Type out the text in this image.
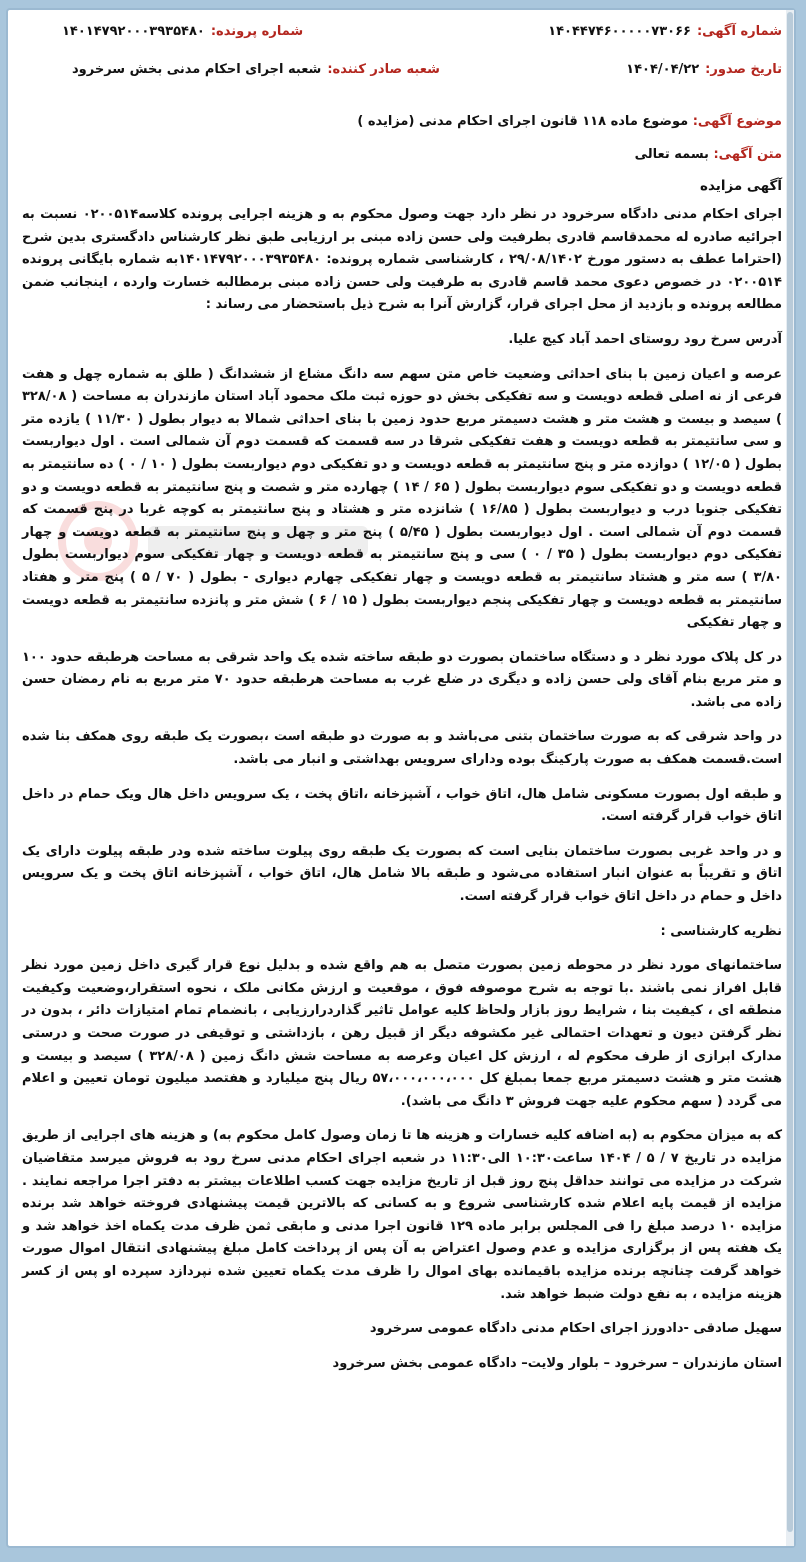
شماره آگهی:
۱۴۰۴۴۷۴۶۰۰۰۰۰۷۳۰۶۶
شماره پرونده:
۱۴۰۱۴۷۹۲۰۰۰۳۹۳۵۴۸۰
تاریخ صدور:
۱۴۰۴/۰۴/۲۲
شعبه صادر کننده:
شعبه اجرای احکام مدنی بخش سرخرود
موضوع آگهی: موضوع ماده ۱۱۸ قانون اجرای احکام مدنی (مزایده )
متن آگهی: بسمه تعالی
آگهی مزایده
اجرای احکام مدنی دادگاه سرخرود در نظر دارد جهت وصول محکوم به و هزینه اجرایی پرونده کلاسه۰۲۰۰۵۱۴ نسبت به اجرائیه صادره له محمدقاسم قادری بطرفیت ولی حسن زاده مبنی بر ارزیابی طبق نظر کارشناس دادگستری بدین شرح (احتراما عطف به دستور مورخ ۲۹/۰۸/۱۴۰۲ ، کارشناسی شماره پرونده: ۱۴۰۱۴۷۹۲۰۰۰۳۹۳۵۴۸۰به شماره بایگانی پرونده ۰۲۰۰۵۱۴ در خصوص دعوی محمد قاسم قادری به طرفیت ولی حسن زاده مبنی برمطالبه خسارت وارده ، اینجانب ضمن مطالعه پرونده و بازدید از محل اجرای قرار، گزارش آنرا به شرح ذیل باستحضار می رساند :
آدرس سرخ رود روستای احمد آباد کیج علیا.
عرصه و اعیان زمین با بنای احداثی وضعیت خاص متن سهم سه دانگ مشاع از ششدانگ ( طلق به شماره چهل و هفت فرعی از نه اصلی قطعه دویست و سه تفکیکی بخش دو حوزه ثبت ملک محمود آباد استان مازندران به مساحت ( ۳۲۸/۰۸ ) سیصد و بیست و هشت متر و هشت دسیمتر مربع حدود زمین با بنای احداثی شمالا به دیوار بطول ( ۱۱/۳۰ ) یازده متر و سی سانتیمتر به قطعه دویست و هفت تفکیکی شرقا در سه قسمت که قسمت دوم آن شمالی است . اول دیواربست بطول ( ۱۲/۰۵ ) دوازده متر و پنج سانتیمتر به قطعه دویست و دو تفکیکی دوم دیواربست بطول ( ۱۰ / ۰ ) ده سانتیمتر به قطعه دویست و دو تفکیکی سوم دیواربست بطول ( ۶۵ / ۱۴ ) چهارده متر و شصت و پنج سانتیمتر به قطعه دویست و دو تفکیکی جنوبا درب و دیواربست بطول ( ۱۶/۸۵ ) شانزده متر و هشتاد و پنج سانتیمتر به کوچه غربا در پنج قسمت که قسمت دوم آن شمالی است . اول دیواربست بطول ( ۵/۴۵ ) پنج متر و چهل و پنج سانتیمتر به قطعه دویست و چهار تفکیکی دوم دیواربست بطول ( ۳۵ / ۰ ) سی و پنج سانتیمتر به قطعه دویست و چهار تفکیکی سوم دیواربست بطول ۳/۸۰ ) سه متر و هشتاد سانتیمتر به قطعه دویست و چهار تفکیکی چهارم دیواری - بطول ( ۷۰ / ۵ ) پنج متر و هفتاد سانتیمتر به قطعه دویست و چهار تفکیکی پنجم دیواربست بطول ( ۱۵ / ۶ ) شش متر و پانزده سانتیمتر به قطعه دویست و چهار تفکیکی
در کل پلاک مورد نظر د و دستگاه ساختمان بصورت دو طبقه ساخته شده یک واحد شرقی به مساحت هرطبقه حدود ۱۰۰ و متر مربع بنام آقای ولی حسن زاده و دیگری در ضلع غرب به مساحت هرطبقه حدود ۷۰ متر مربع به نام رمضان حسن زاده می باشد.
در واحد شرقی که به صورت ساختمان بتنی می‌باشد و به صورت دو طبقه است ،بصورت یک طبقه روی همکف بنا شده است.قسمت همکف به صورت پارکینگ بوده ودارای سرویس بهداشتی و انبار می باشد.
و طبقه اول بصورت مسکونی شامل هال، اتاق خواب ، آشپزخانه ،اتاق پخت ، یک سرویس داخل هال ویک حمام در داخل اتاق خواب قرار گرفته است.
و در واحد غربی بصورت ساختمان بنایی است که بصورت یک طبقه روی پیلوت ساخته شده ودر طبقه پیلوت دارای یک اتاق و تقریباً به عنوان انبار استفاده می‌شود و طبقه بالا شامل هال، اتاق خواب ، آشپزخانه اتاق پخت و یک سرویس داخل و حمام در داخل اتاق خواب قرار گرفته است.
نظریه کارشناسی :
ساختمانهای مورد نظر در محوطه زمین بصورت متصل به هم واقع شده و بدلیل نوع قرار گیری داخل زمین مورد نظر قابل افراز نمی باشند .با توجه به شرح موصوفه فوق ، موقعیت و ارزش مکانی ملک ، نحوه استقرار،وضعیت وکیفیت منطقه ای ، کیفیت بنا ، شرایط روز بازار ولحاظ کلیه عوامل تاثیر گذاردرارزیابی ، بانضمام تمام امتیازات دائر ، بدون در نظر گرفتن دیون و تعهدات احتمالی غیر مکشوفه دیگر از قبیل رهن ، بازداشتی و توقیفی در صورت صحت و درستی مدارک ابرازی از طرف محکوم له ، ارزش کل اعیان وعرصه به مساحت شش دانگ زمین ( ۳۲۸/۰۸ ) سیصد و بیست و هشت متر و هشت دسیمتر مربع جمعا بمبلغ کل ۵۷،۰۰۰،۰۰۰،۰۰۰ ریال پنج میلیارد و هفتصد میلیون تومان تعیین و اعلام می گردد ( سهم محکوم علیه جهت فروش ۳ دانگ می باشد).
که به میزان محکوم به (به اضافه کلیه خسارات و هزینه ها تا زمان وصول کامل محکوم به) و هزینه های اجرایی از طریق مزایده در تاریخ ۷ / ۵ / ۱۴۰۴ ساعت۱۰:۳۰ الی۱۱:۳۰ در شعبه اجرای احکام مدنی سرخ رود به فروش میرسد متقاضیان شرکت در مزایده می توانند حداقل پنج روز قبل از تاریخ مزایده جهت کسب اطلاعات بیشتر به دفتر اجرا مراجعه نمایند . مزایده از قیمت پایه اعلام شده کارشناسی شروع و به کسانی که بالاترین قیمت پیشنهادی فروخته خواهد شد برنده مزایده ۱۰ درصد مبلغ را فی المجلس برابر ماده ۱۲۹ قانون اجرا مدنی و مابقی ثمن ظرف مدت یکماه اخذ خواهد شد و یک هفته پس از برگزاری مزایده و عدم وصول اعتراض به آن پس از پرداخت کامل مبلغ پیشنهادی انتقال اموال صورت خواهد گرفت چنانچه برنده مزایده باقیمانده بهای اموال را ظرف مدت یکماه تعیین شده نپردازد سپرده او پس از کسر هزینه مزایده ، به نفع دولت ضبط خواهد شد.
سهیل صادقی -دادورز اجرای احکام مدنی دادگاه عمومی سرخرود
استان مازندران – سرخرود – بلوار ولایت– دادگاه عمومی بخش سرخرود
